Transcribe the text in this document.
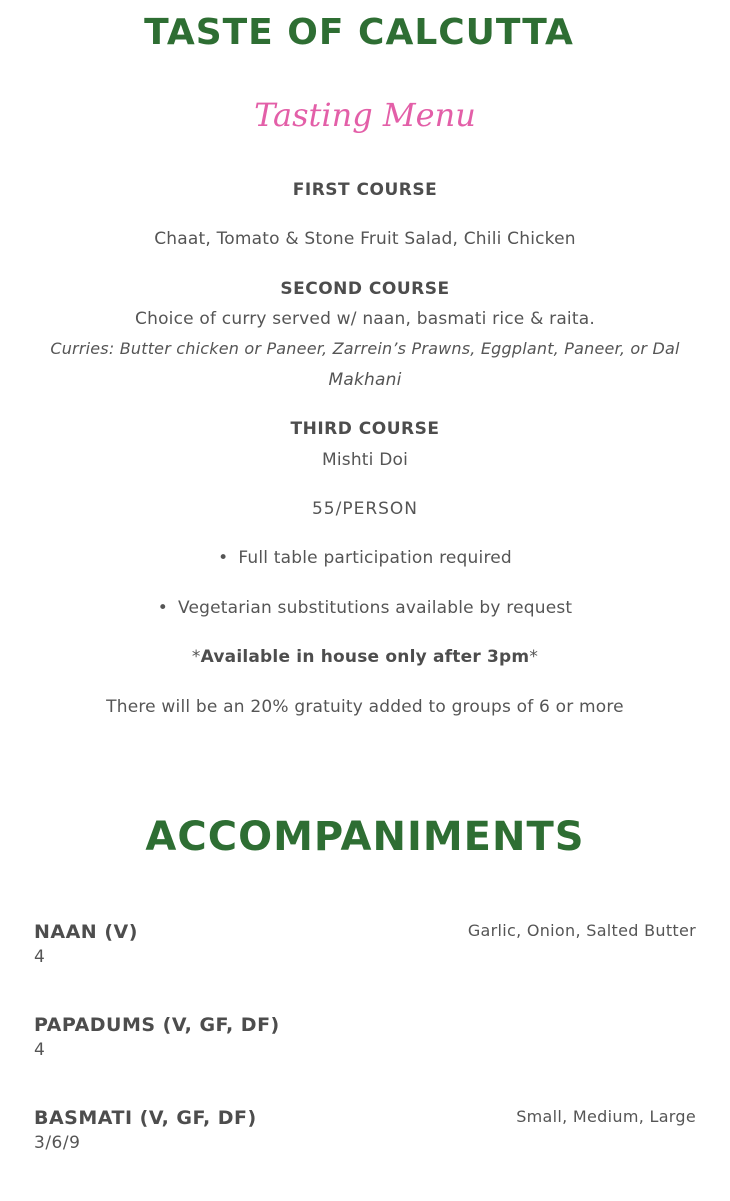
TASTE OF CALCUTTA
Tasting Menu
FIRST COURSE
Chaat, Tomato & Stone Fruit Salad, Chili Chicken
SECOND COURSE
Choice of curry served w/ naan, basmati rice & raita.
Curries: Butter chicken or Paneer, Zarrein’s Prawns, Eggplant, Paneer, or Dal
Makhani
THIRD COURSE
Mishti Doi
55/PERSON
• Full table participation required
• Vegetarian substitutions available by request
*Available in house only after 3pm*
There will be an 20% gratuity added to groups of 6 or more
ACCOMPANIMENTS
NAAN (V)
4
Garlic, Onion, Salted Butter
PAPADUMS (V, GF, DF)
4
BASMATI (V, GF, DF)
3/6/9
Small, Medium, Large
